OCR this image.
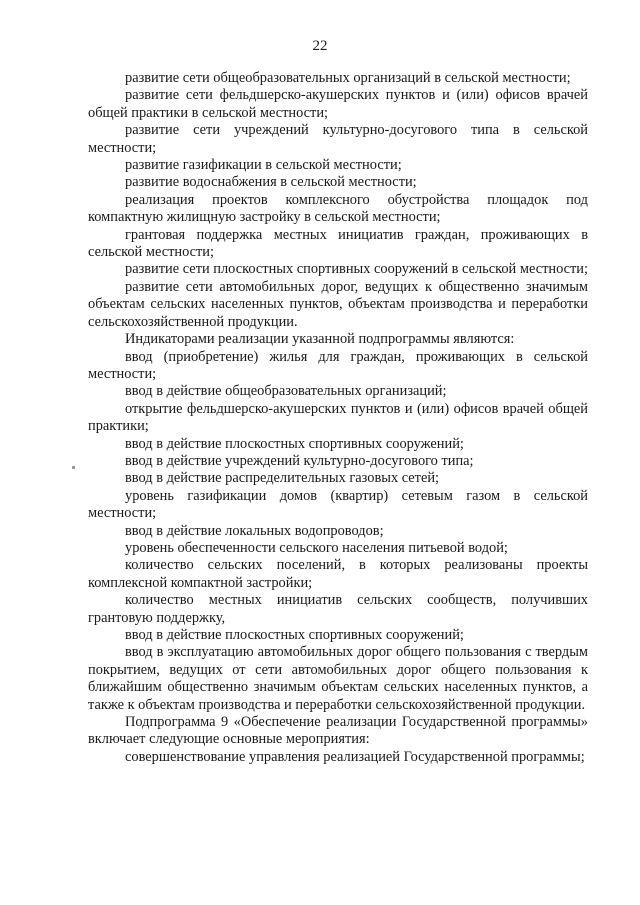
22

развитие сети общеобразовательных организаций в сельской местности;

развитие сети фельдшерско-акушерских пунктов и (или) офисов врачей общей практики в сельской местности;

развитие сети учреждений культурно-досугового типа в сельской местности;

развитие газификации в сельской местности;

развитие водоснабжения в сельской местности;

реализация проектов комплексного обустройства площадок под компактную жилищную застройку в сельской местности;

грантовая поддержка местных инициатив граждан, проживающих в сельской местности;

развитие сети плоскостных спортивных сооружений в сельской местности;

развитие сети автомобильных дорог, ведущих к общественно значимым объектам сельских населенных пунктов, объектам производства и переработки сельскохозяйственной продукции.

Индикаторами реализации указанной подпрограммы являются:

ввод (приобретение) жилья для граждан, проживающих в сельской местности;

ввод в действие общеобразовательных организаций;

открытие фельдшерско-акушерских пунктов и (или) офисов врачей общей практики;

ввод в действие плоскостных спортивных сооружений;

ввод в действие учреждений культурно-досугового типа;

ввод в действие распределительных газовых сетей;

уровень газификации домов (квартир) сетевым газом в сельской местности;

ввод в действие локальных водопроводов;

уровень обеспеченности сельского населения питьевой водой;

количество сельских поселений, в которых реализованы проекты комплексной компактной застройки;

количество местных инициатив сельских сообществ, получивших грантовую поддержку,

ввод в действие плоскостных спортивных сооружений;

ввод в эксплуатацию автомобильных дорог общего пользования с твердым покрытием, ведущих от сети автомобильных дорог общего пользования к ближайшим общественно значимым объектам сельских населенных пунктов, а также к объектам производства и переработки сельскохозяйственной продукции.

Подпрограмма 9 «Обеспечение реализации Государственной программы» включает следующие основные мероприятия:

совершенствование управления реализацией Государственной программы;
